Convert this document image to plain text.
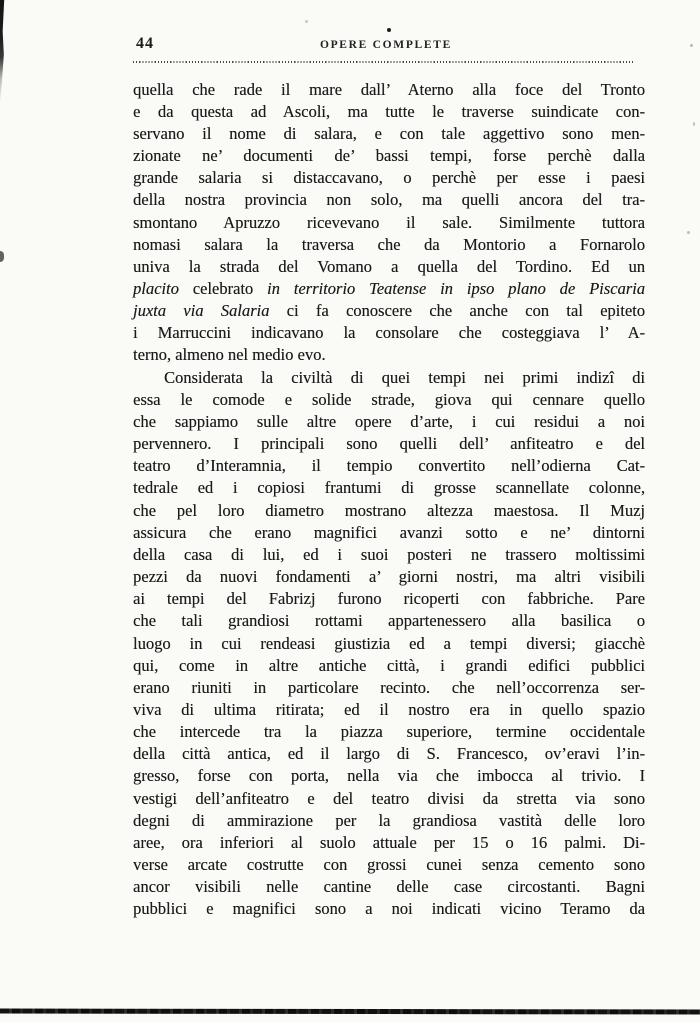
44	OPERE COMPLETE
quella che rade il mare dall’ Aterno alla foce del Tronto
e da questa ad Ascoli, ma tutte le traverse suindicate con-
servano il nome di salara, e con tale aggettivo sono men-
zionate ne’ documenti de’ bassi tempi, forse perchè dalla
grande salaria si distaccavano, o perchè per esse i paesi
della nostra provincia non solo, ma quelli ancora del tra-
smontano Apruzzo ricevevano il sale. Similmente tuttora
nomasi salara la traversa che da Montorio a Fornarolo
univa la strada del Vomano a quella del Tordino. Ed un
placito celebrato in territorio Teatense in ipso plano de Piscaria
juxta via Salaria ci fa conoscere che anche con tal epiteto
i Marruccini indicavano la consolare che costeggiava l’ A-
terno, almeno nel medio evo.
Considerata la civiltà di quei tempi nei primi indizî di
essa le comode e solide strade, giova qui cennare quello
che sappiamo sulle altre opere d’arte, i cui residui a noi
pervennero. I principali sono quelli dell’ anfiteatro e del
teatro d’Interamnia, il tempio convertito nell’odierna Cat-
tedrale ed i copiosi frantumi di grosse scannellate colonne,
che pel loro diametro mostrano altezza maestosa. Il Muzj
assicura che erano magnifici avanzi sotto e ne’ dintorni
della casa di lui, ed i suoi posteri ne trassero moltissimi
pezzi da nuovi fondamenti a’ giorni nostri, ma altri visibili
ai tempi del Fabrizj furono ricoperti con fabbriche. Pare
che tali grandiosi rottami appartenessero alla basilica o
luogo in cui rendeasi giustizia ed a tempi diversi; giacchè
qui, come in altre antiche città, i grandi edifici pubblici
erano riuniti in particolare recinto. che nell’occorrenza ser-
viva di ultima ritirata; ed il nostro era in quello spazio
che intercede tra la piazza superiore, termine occidentale
della città antica, ed il largo di S. Francesco, ov’eravi l’in-
gresso, forse con porta, nella via che imbocca al trivio. I
vestigi dell’anfiteatro e del teatro divisi da stretta via sono
degni di ammirazione per la grandiosa vastità delle loro
aree, ora inferiori al suolo attuale per 15 o 16 palmi. Di-
verse arcate costrutte con grossi cunei senza cemento sono
ancor visibili nelle cantine delle case circostanti. Bagni
pubblici e magnifici sono a noi indicati vicino Teramo da
